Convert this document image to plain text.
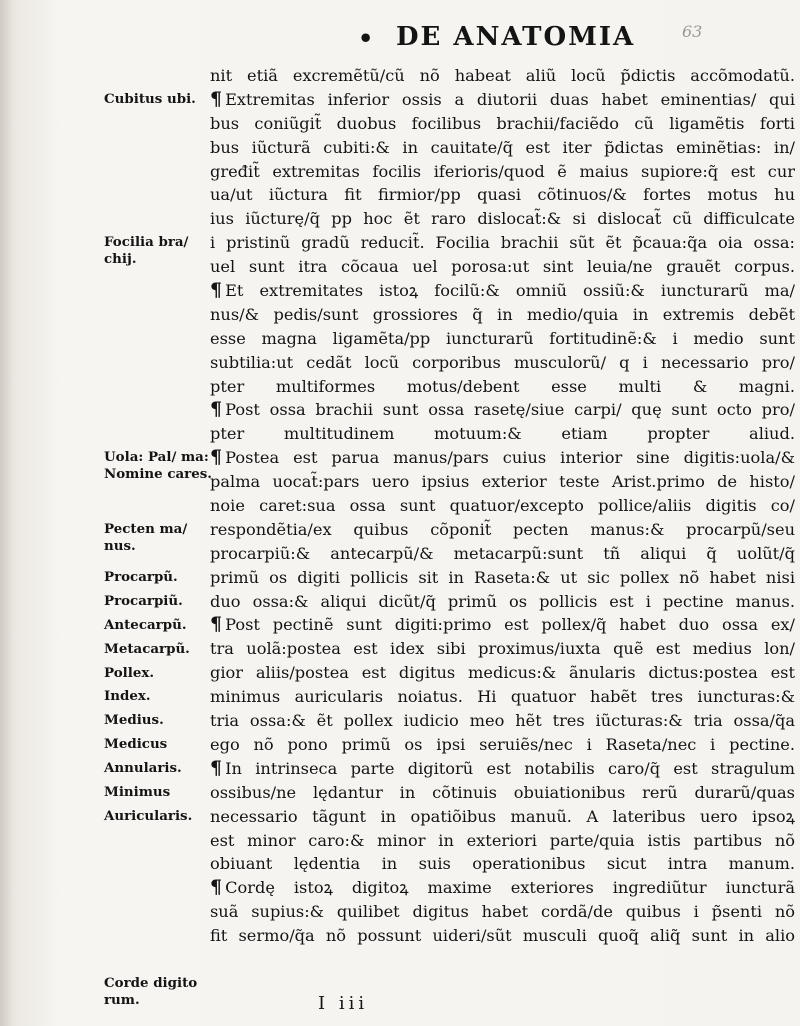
• DE ANATOMIA	63
Cubitus ubi.
Focilia bra/ chij.
Uola: Pal/ ma: Nomine cares.
Pecten ma/ nus.
Procarpũ.
Procarpiũ.
Antecarpũ.
Metacarpũ.
Pollex.
Index.
Medius.
Medicus
Annularis.
Minimus
Auricularis.
Corde digito rum.
nit etiã excremẽtũ/cũ nõ habeat aliũ locũ p̃dictis accõmodatũ.
¶ Extremitas inferior ossis a diutorii duas habet eminentias/ qui
bus coniũgit̃ duobus focilibus brachii/faciẽdo cũ ligamẽtis forti
bus iũcturã cubiti:& in cauitate/q̃ est iter p̃dictas eminẽtias: in/
gređit̃ extremitas focilis iferioris/quod ẽ maius supiore:q̃ est cur
ua/ut iũctura fit firmior/pp quasi cõtinuos/& fortes motus hu
ius iũcturę/q̃ pp hoc ẽt raro dislocat̃:& si dislocat̃ cũ difficulcate
i pristinũ gradũ reducit̃. Focilia brachii sũt ẽt p̃caua:q̃a oia ossa:
uel sunt itra cõcaua uel porosa:ut sint leuia/ne grauẽt corpus.
¶ Et extremitates istoꝝ focilũ:& omniũ ossiũ:& iuncturarũ ma/
nus/& pedis/sunt grossiores q̃ in medio/quia in extremis debẽt
esse magna ligamẽta/pp iuncturarũ fortitudinẽ:& i medio sunt
subtilia:ut cedãt locũ corporibus musculorũ/ q i necessario pro/
pter multiformes motus/debent esse multi & magni.
¶ Post ossa brachii sunt ossa rasetę/siue carpi/ quę sunt octo pro/
pter multitudinem motuum:& etiam propter aliud.
¶ Postea est parua manus/pars cuius interior sine digitis:uola/&
palma uocat̃:pars uero ipsius exterior teste Arist.primo de histo/
noie caret:sua ossa sunt quatuor/excepto pollice/aliis digitis co/
respondẽtia/ex quibus cõponit̃ pecten manus:& procarpũ/seu
procarpiũ:& antecarpũ/& metacarpũ:sunt tñ aliqui q̃ uolũt/q̃
primũ os digiti pollicis sit in Raseta:& ut sic pollex nõ habet nisi
duo ossa:& aliqui dicũt/q̃ primũ os pollicis est i pectine manus.
¶ Post pectinẽ sunt digiti:primo est pollex/q̃ habet duo ossa ex/
tra uolã:postea est idex sibi proximus/iuxta quẽ est medius lon/
gior aliis/postea est digitus medicus:& ãnularis dictus:postea est
minimus auricularis noiatus. Hi quatuor habẽt tres iuncturas:&
tria ossa:& ẽt pollex iudicio meo hẽt tres iũcturas:& tria ossa/q̃a
ego nõ pono primũ os ipsi seruiẽs/nec i Raseta/nec i pectine.
¶ In intrinseca parte digitorũ est notabilis caro/q̃ est stragulum
ossibus/ne lędantur in cõtinuis obuiationibus rerũ durarũ/quas
necessario tãgunt in opatiõibus manuũ. A lateribus uero ipsoꝝ
est minor caro:& minor in exteriori parte/quia istis partibus nõ
obiuant lędentia in suis operationibus sicut intra manum.
¶ Cordę istoꝝ digitoꝝ maxime exteriores ingrediũtur iuncturã
suã supius:& quilibet digitus habet cordã/de quibus i p̃senti nõ
fit sermo/q̃a nõ possunt uideri/sũt musculi quoq̃ aliq̃ sunt in alio
I iii
